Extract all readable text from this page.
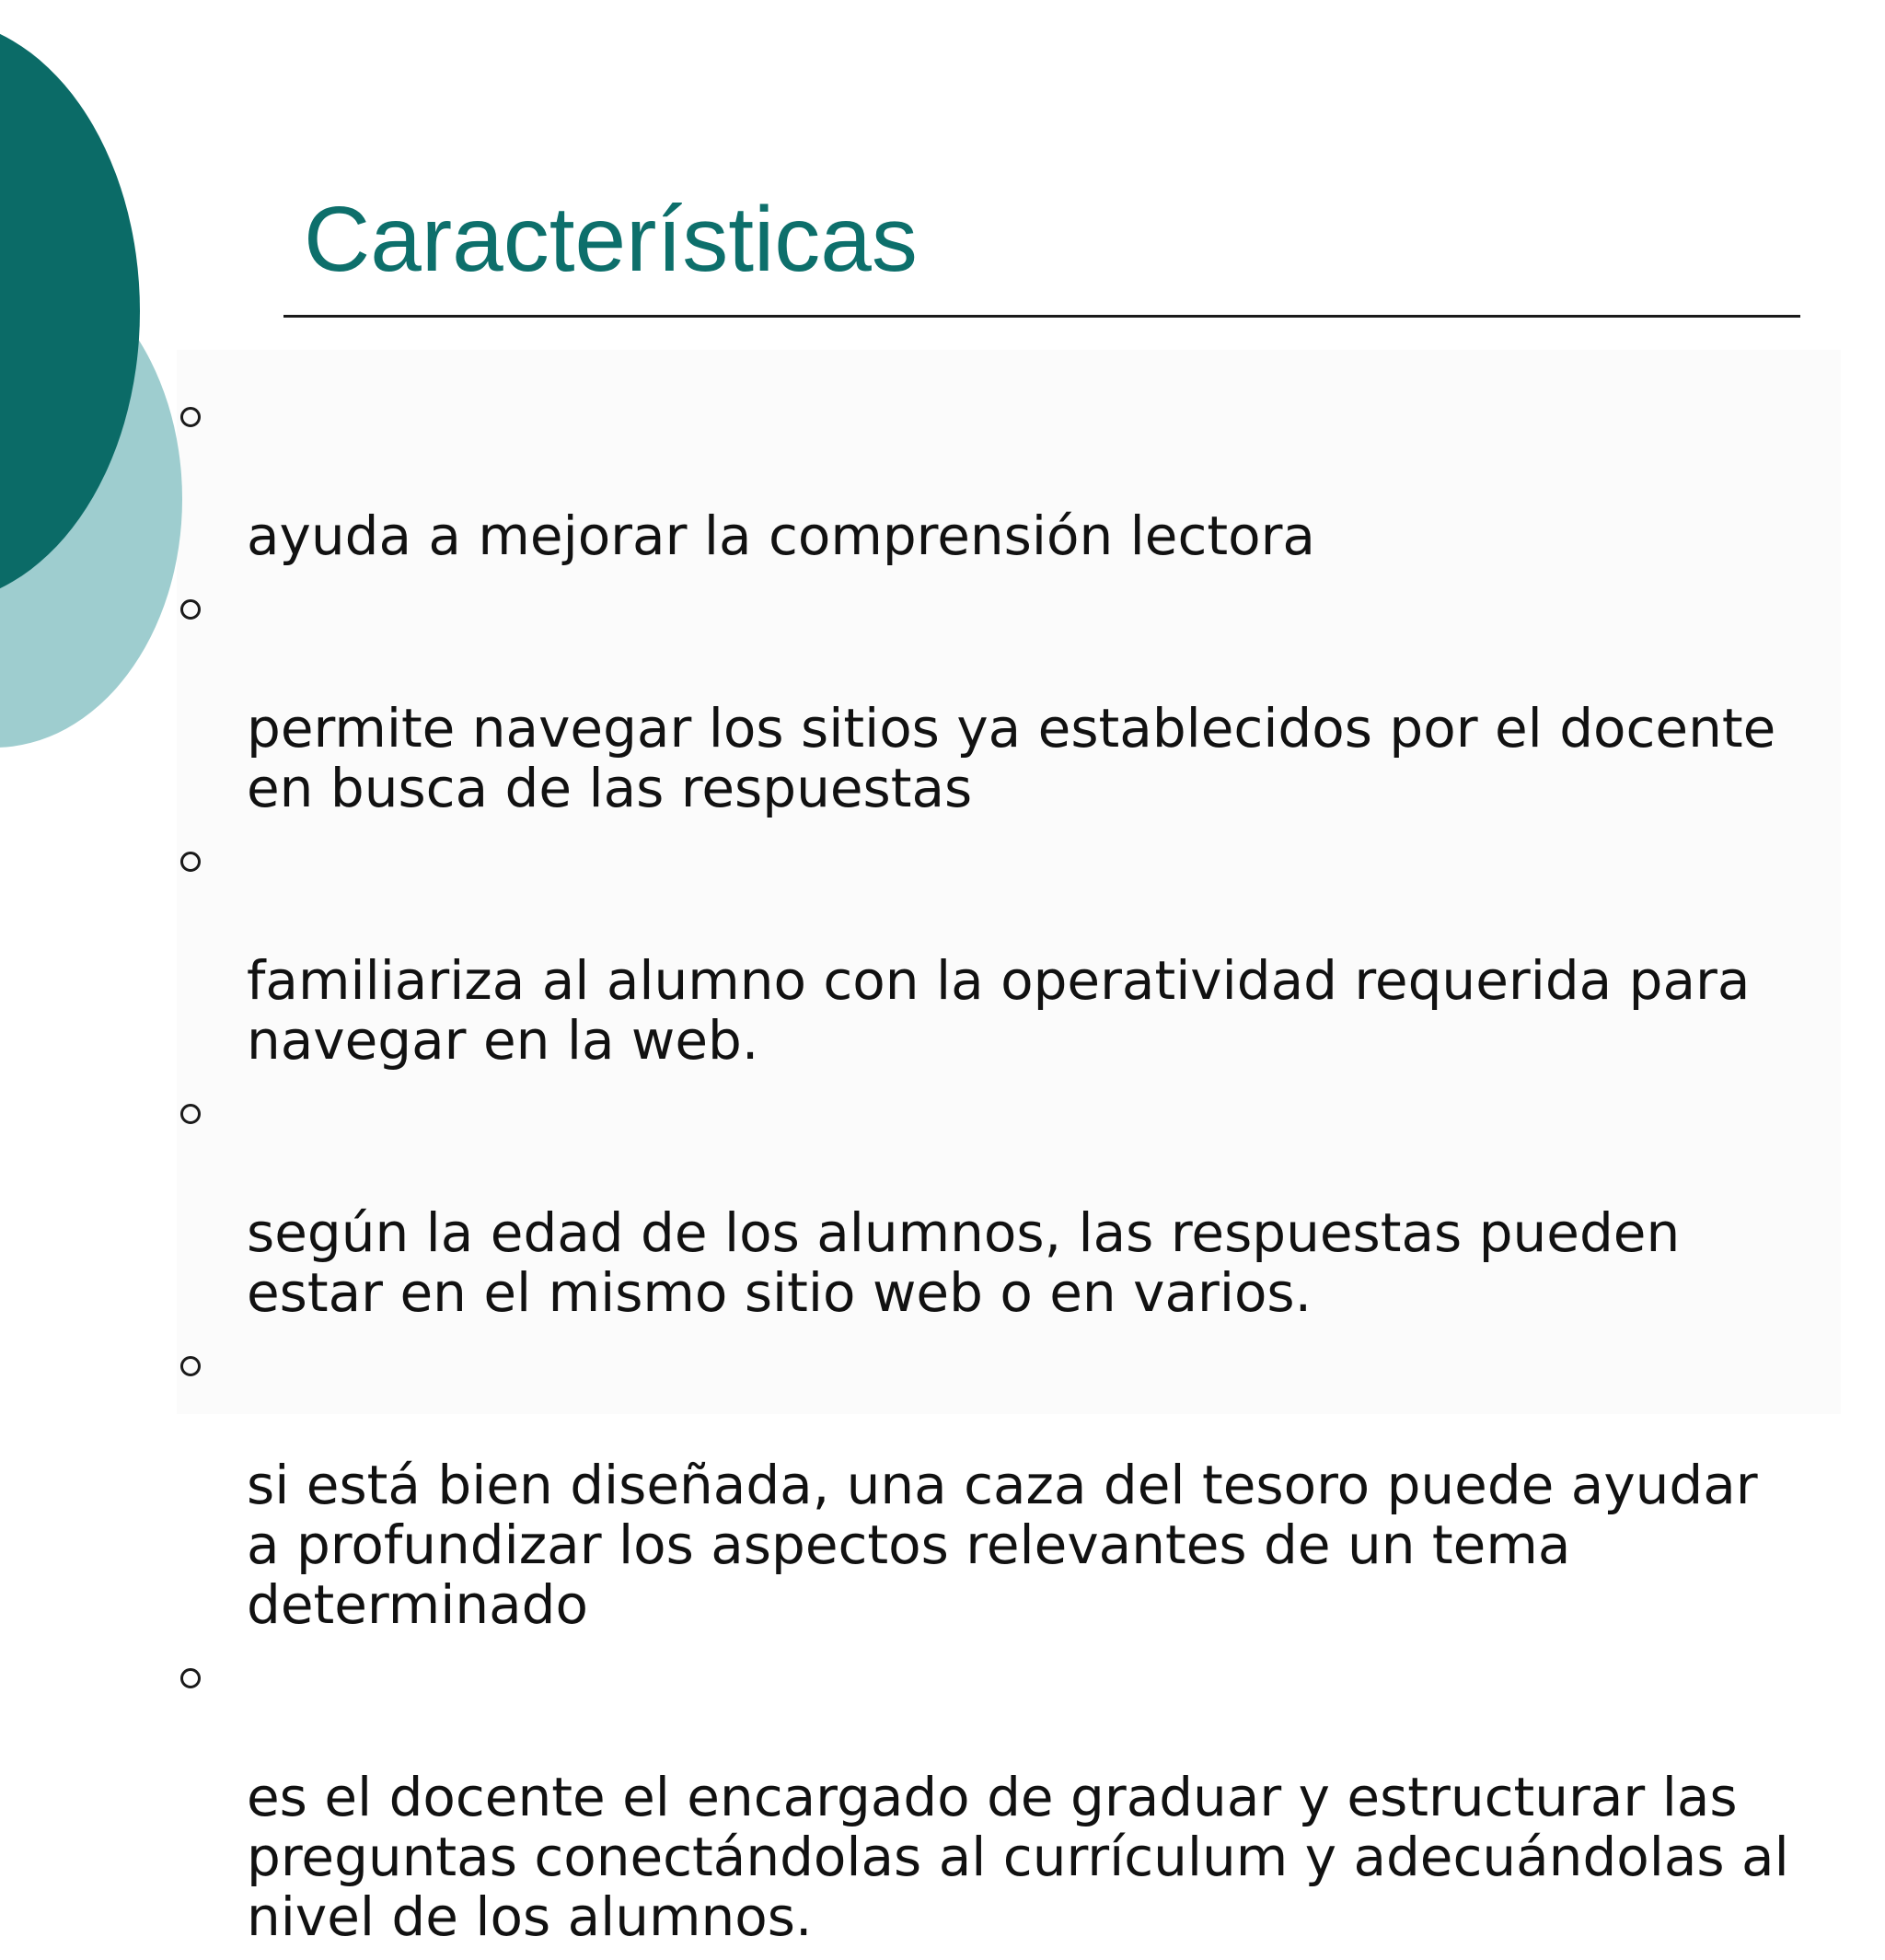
Características

ayuda a mejorar la comprensión lectora

permite navegar los sitios ya establecidos por el docente
en busca de las respuestas

familiariza al alumno con la operatividad requerida para
navegar en la web.

según la edad de los alumnos, las respuestas pueden
estar en el mismo sitio web o en varios.

si está bien diseñada, una caza del tesoro puede ayudar
a profundizar los aspectos relevantes de un tema
determinado

es el docente el encargado de graduar y estructurar las
preguntas conectándolas al currículum y adecuándolas al
nivel de los alumnos.
